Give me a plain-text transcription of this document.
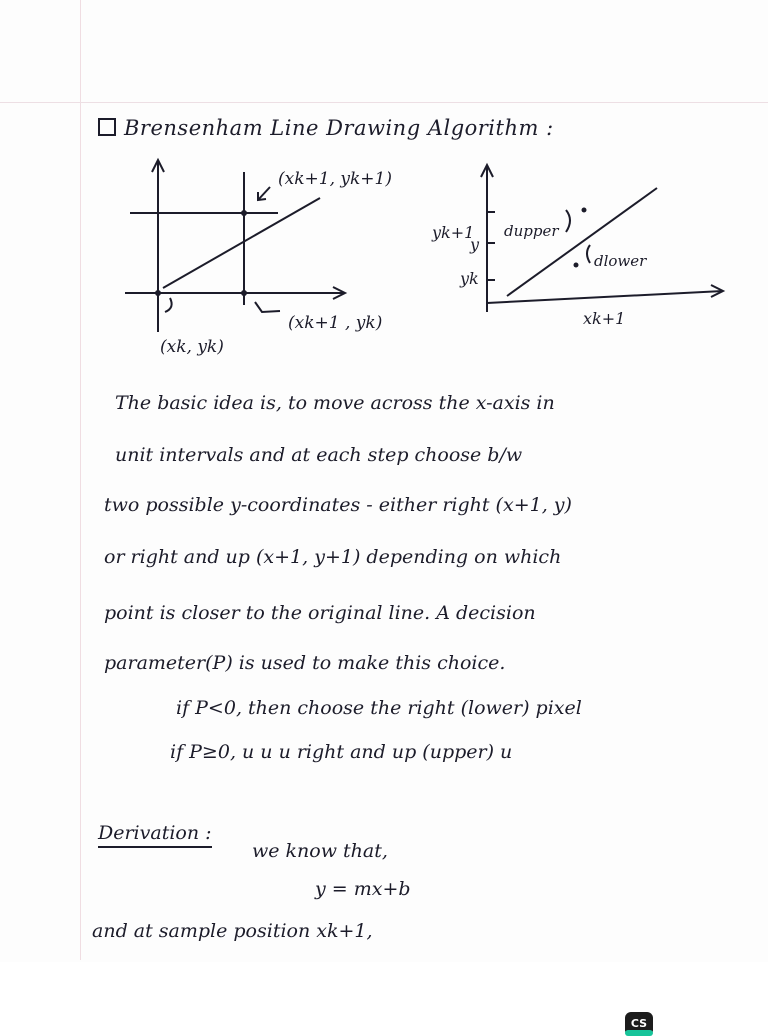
Brensenham Line Drawing Algorithm :
(xk+1, yk+1)
(xk+1 , yk)
(xk, yk)
yk+1
y
yk
dupper
dlower
xk+1
The basic idea is, to move across the x-axis in
unit intervals and at each step choose b/w
two possible y-coordinates - either right (x+1, y)
or right and up (x+1, y+1) depending on which
point is closer to the original line. A decision
parameter(P) is used to make this choice.
if P<0, then choose the right (lower) pixel
if P≥0, u u u right and up (upper) u
Derivation :
we know that,
y = mx+b
and at sample position xk+1,
CS
